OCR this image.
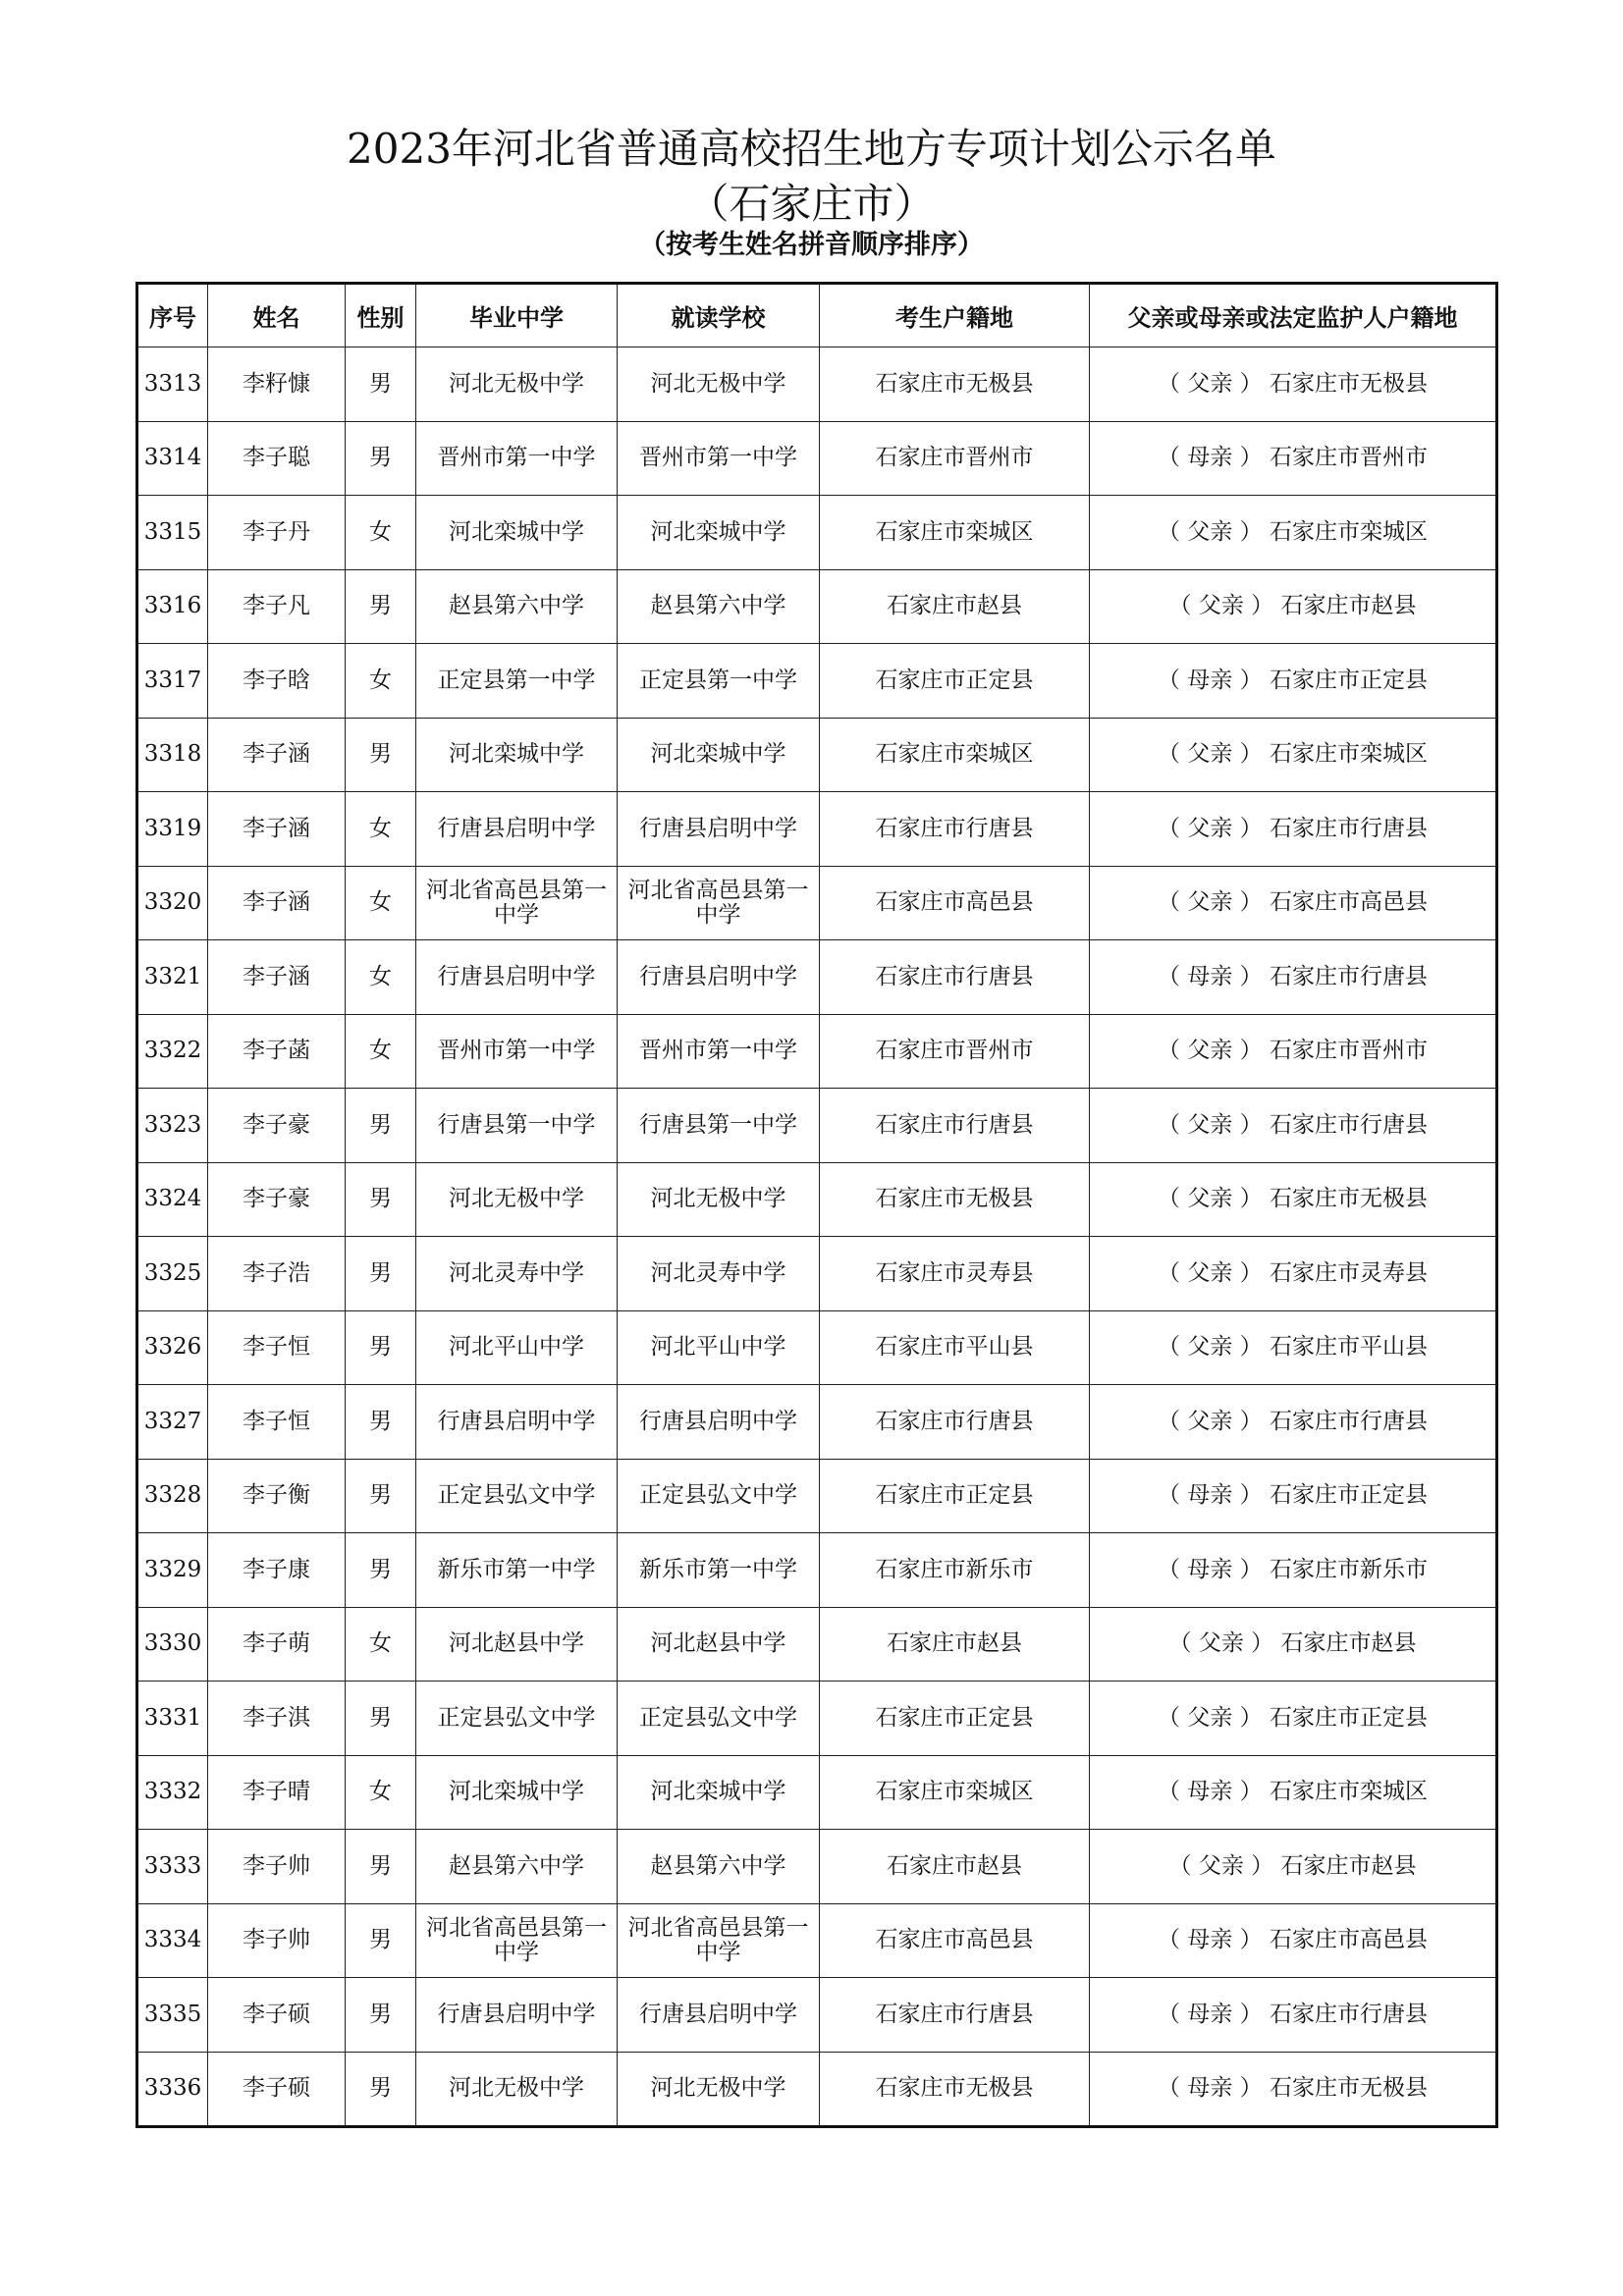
2023年河北省普通高校招生地方专项计划公示名单
（石家庄市）
（按考生姓名拼音顺序排序）
序号	姓名	性别	毕业中学	就读学校	考生户籍地	父亲或母亲或法定监护人户籍地
3313	李籽慷	男	河北无极中学	河北无极中学	石家庄市无极县	（ 父亲 ） 石家庄市无极县
3314	李子聪	男	晋州市第一中学	晋州市第一中学	石家庄市晋州市	（ 母亲 ） 石家庄市晋州市
3315	李子丹	女	河北栾城中学	河北栾城中学	石家庄市栾城区	（ 父亲 ） 石家庄市栾城区
3316	李子凡	男	赵县第六中学	赵县第六中学	石家庄市赵县	（ 父亲 ） 石家庄市赵县
3317	李子晗	女	正定县第一中学	正定县第一中学	石家庄市正定县	（ 母亲 ） 石家庄市正定县
3318	李子涵	男	河北栾城中学	河北栾城中学	石家庄市栾城区	（ 父亲 ） 石家庄市栾城区
3319	李子涵	女	行唐县启明中学	行唐县启明中学	石家庄市行唐县	（ 父亲 ） 石家庄市行唐县
3320	李子涵	女	河北省高邑县第一中学	河北省高邑县第一中学	石家庄市高邑县	（ 父亲 ） 石家庄市高邑县
3321	李子涵	女	行唐县启明中学	行唐县启明中学	石家庄市行唐县	（ 母亲 ） 石家庄市行唐县
3322	李子菡	女	晋州市第一中学	晋州市第一中学	石家庄市晋州市	（ 父亲 ） 石家庄市晋州市
3323	李子豪	男	行唐县第一中学	行唐县第一中学	石家庄市行唐县	（ 父亲 ） 石家庄市行唐县
3324	李子豪	男	河北无极中学	河北无极中学	石家庄市无极县	（ 父亲 ） 石家庄市无极县
3325	李子浩	男	河北灵寿中学	河北灵寿中学	石家庄市灵寿县	（ 父亲 ） 石家庄市灵寿县
3326	李子恒	男	河北平山中学	河北平山中学	石家庄市平山县	（ 父亲 ） 石家庄市平山县
3327	李子恒	男	行唐县启明中学	行唐县启明中学	石家庄市行唐县	（ 父亲 ） 石家庄市行唐县
3328	李子衡	男	正定县弘文中学	正定县弘文中学	石家庄市正定县	（ 母亲 ） 石家庄市正定县
3329	李子康	男	新乐市第一中学	新乐市第一中学	石家庄市新乐市	（ 母亲 ） 石家庄市新乐市
3330	李子萌	女	河北赵县中学	河北赵县中学	石家庄市赵县	（ 父亲 ） 石家庄市赵县
3331	李子淇	男	正定县弘文中学	正定县弘文中学	石家庄市正定县	（ 父亲 ） 石家庄市正定县
3332	李子晴	女	河北栾城中学	河北栾城中学	石家庄市栾城区	（ 母亲 ） 石家庄市栾城区
3333	李子帅	男	赵县第六中学	赵县第六中学	石家庄市赵县	（ 父亲 ） 石家庄市赵县
3334	李子帅	男	河北省高邑县第一中学	河北省高邑县第一中学	石家庄市高邑县	（ 母亲 ） 石家庄市高邑县
3335	李子硕	男	行唐县启明中学	行唐县启明中学	石家庄市行唐县	（ 母亲 ） 石家庄市行唐县
3336	李子硕	男	河北无极中学	河北无极中学	石家庄市无极县	（ 母亲 ） 石家庄市无极县
